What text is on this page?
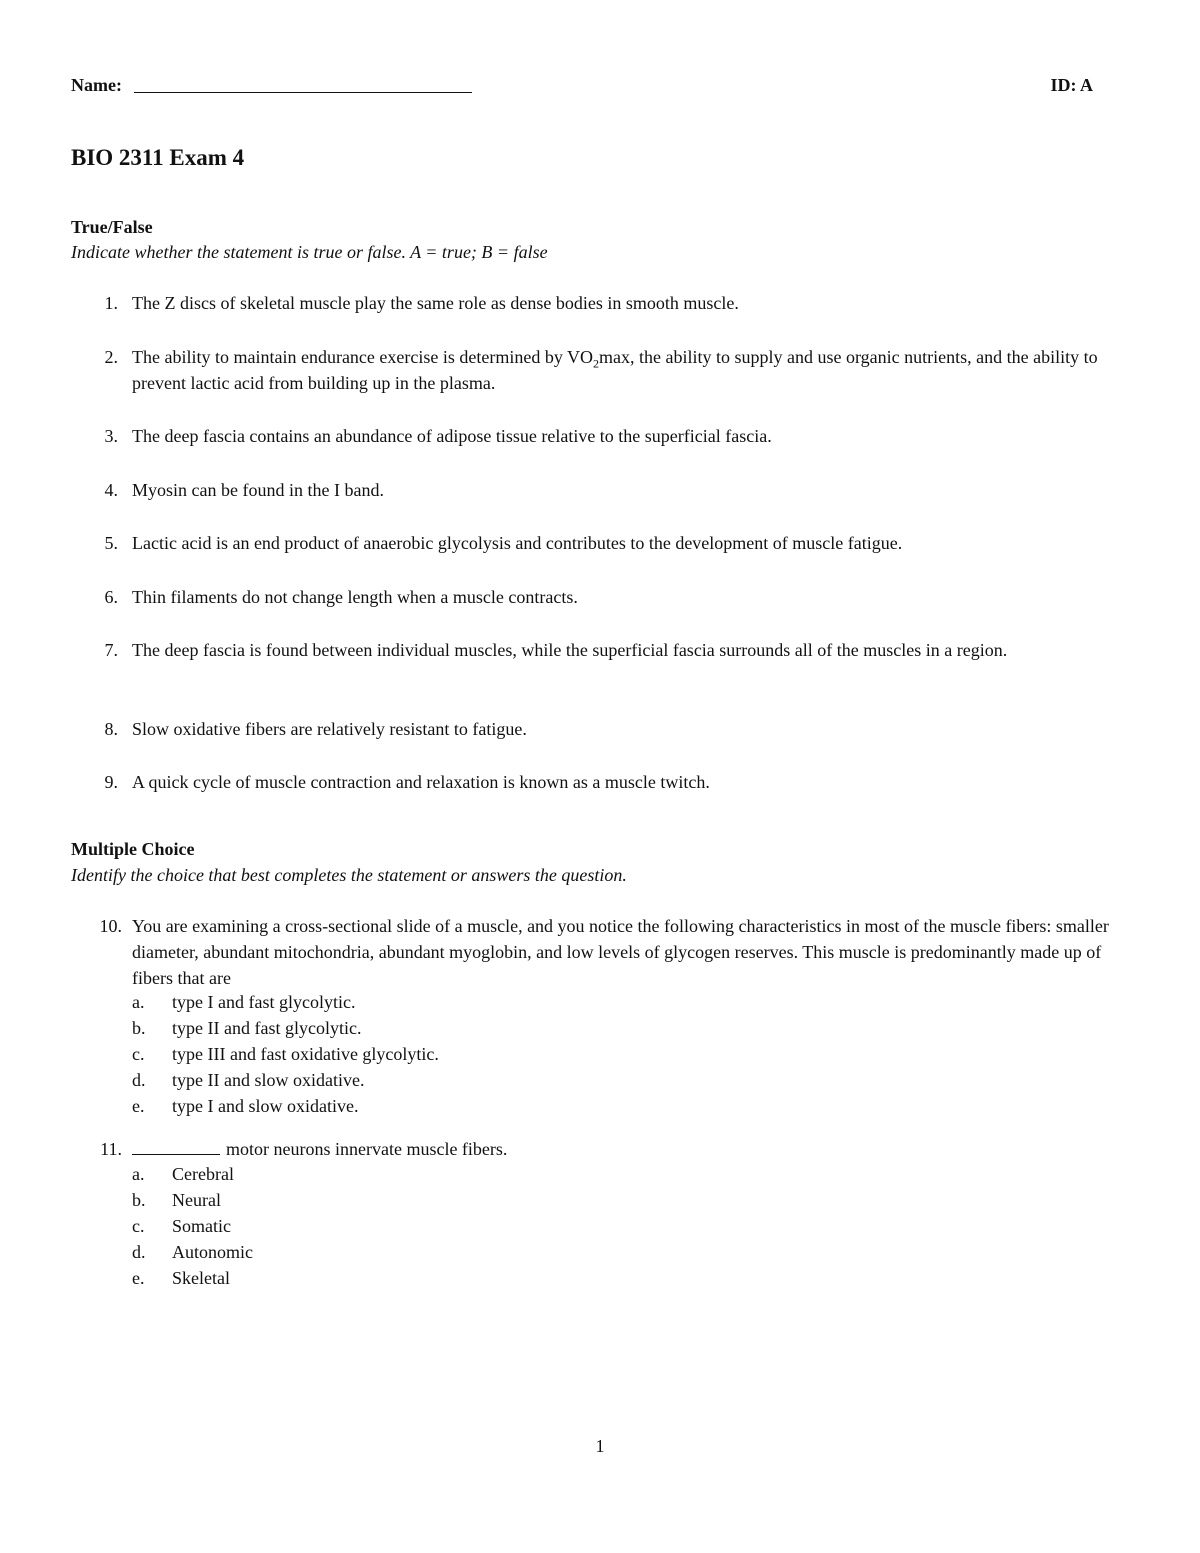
Name:	ID: A
BIO 2311 Exam 4
True/False
Indicate whether the statement is true or false. A = true; B = false
1. The Z discs of skeletal muscle play the same role as dense bodies in smooth muscle.
2. The ability to maintain endurance exercise is determined by $VO_2\max$, the ability to supply and use organic nutrients, and the ability to prevent lactic acid from building up in the plasma.
3. The deep fascia contains an abundance of adipose tissue relative to the superficial fascia.
4. Myosin can be found in the I band.
5. Lactic acid is an end product of anaerobic glycolysis and contributes to the development of muscle fatigue.
6. Thin filaments do not change length when a muscle contracts.
7. The deep fascia is found between individual muscles, while the superficial fascia surrounds all of the muscles in a region.
8. Slow oxidative fibers are relatively resistant to fatigue.
9. A quick cycle of muscle contraction and relaxation is known as a muscle twitch.
Multiple Choice
Identify the choice that best completes the statement or answers the question.
10. You are examining a cross-sectional slide of a muscle, and you notice the following characteristics in most of the muscle fibers: smaller diameter, abundant mitochondria, abundant myoglobin, and low levels of glycogen reserves. This muscle is predominantly made up of fibers that are
a. type I and fast glycolytic.
b. type II and fast glycolytic.
c. type III and fast oxidative glycolytic.
d. type II and slow oxidative.
e. type I and slow oxidative.
11.	motor neurons innervate muscle fibers.
a. Cerebral
b. Neural
c. Somatic
d. Autonomic
e. Skeletal
1
